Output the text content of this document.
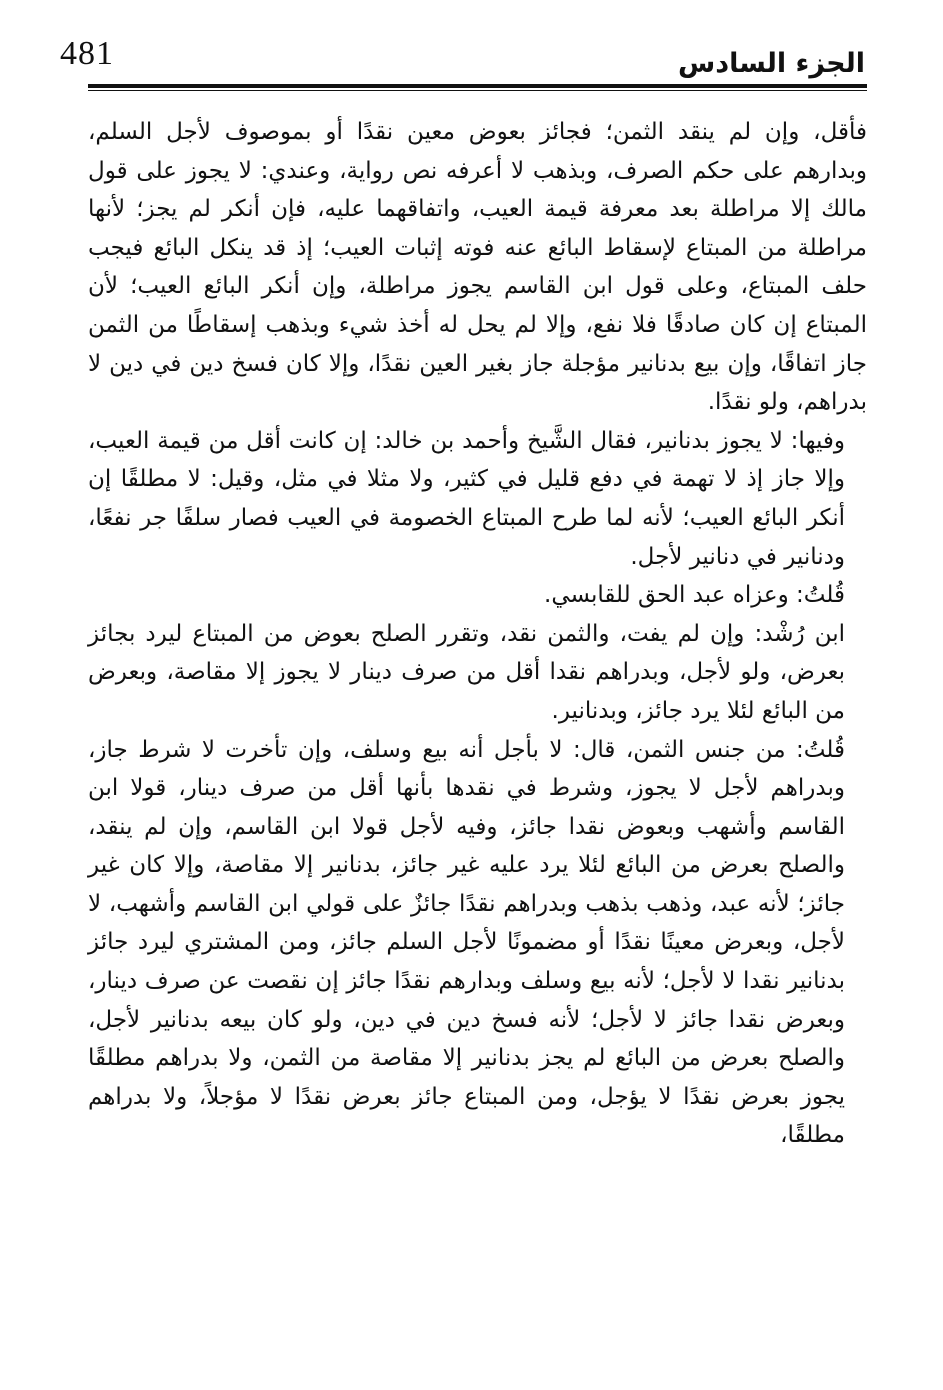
481	الجزء السادس

فأقل، وإن لم ينقد الثمن؛ فجائز بعوض معين نقدًا أو بموصوف لأجل السلم، وبدارهم على حكم الصرف، وبذهب لا أعرفه نص رواية، وعندي: لا يجوز على قول مالك إلا مراطلة بعد معرفة قيمة العيب، واتفاقهما عليه، فإن أنكر لم يجز؛ لأنها مراطلة من المبتاع لإسقاط البائع عنه فوته إثبات العيب؛ إذ قد ينكل البائع فيجب حلف المبتاع، وعلى قول ابن القاسم يجوز مراطلة، وإن أنكر البائع العيب؛ لأن المبتاع إن كان صادقًا فلا نفع، وإلا لم يحل له أخذ شيء وبذهب إسقاطًا من الثمن جاز اتفاقًا، وإن بيع بدنانير مؤجلة جاز بغير العين نقدًا، وإلا كان فسخ دين في دين لا بدراهم، ولو نقدًا.

وفيها: لا يجوز بدنانير، فقال الشَّيخ وأحمد بن خالد: إن كانت أقل من قيمة العيب، وإلا جاز إذ لا تهمة في دفع قليل في كثير، ولا مثلا في مثل، وقيل: لا مطلقًا إن أنكر البائع العيب؛ لأنه لما طرح المبتاع الخصومة في العيب فصار سلفًا جر نفعًا، ودنانير في دنانير لأجل.

قُلتُ: وعزاه عبد الحق للقابسي.

ابن رُشْد: وإن لم يفت، والثمن نقد، وتقرر الصلح بعوض من المبتاع ليرد بجائز بعرض، ولو لأجل، وبدراهم نقدا أقل من صرف دينار لا يجوز إلا مقاصة، وبعرض من البائع لئلا يرد جائز، وبدنانير.

قُلتُ: من جنس الثمن، قال: لا بأجل أنه بيع وسلف، وإن تأخرت لا شرط جاز، وبدراهم لأجل لا يجوز، وشرط في نقدها بأنها أقل من صرف دينار، قولا ابن القاسم وأشهب وبعوض نقدا جائز، وفيه لأجل قولا ابن القاسم، وإن لم ينقد، والصلح بعرض من البائع لئلا يرد عليه غير جائز، بدنانير إلا مقاصة، وإلا كان غير جائز؛ لأنه عبد، وذهب بذهب وبدراهم نقدًا جائزٌ على قولي ابن القاسم وأشهب، لا لأجل، وبعرض معينًا نقدًا أو مضمونًا لأجل السلم جائز، ومن المشتري ليرد جائز بدنانير نقدا لا لأجل؛ لأنه بيع وسلف وبدارهم نقدًا جائز إن نقصت عن صرف دينار، وبعرض نقدا جائز لا لأجل؛ لأنه فسخ دين في دين، ولو كان بيعه بدنانير لأجل، والصلح بعرض من البائع لم يجز بدنانير إلا مقاصة من الثمن، ولا بدراهم مطلقًا يجوز بعرض نقدًا لا يؤجل، ومن المبتاع جائز بعرض نقدًا لا مؤجلاً، ولا بدراهم مطلقًا،
